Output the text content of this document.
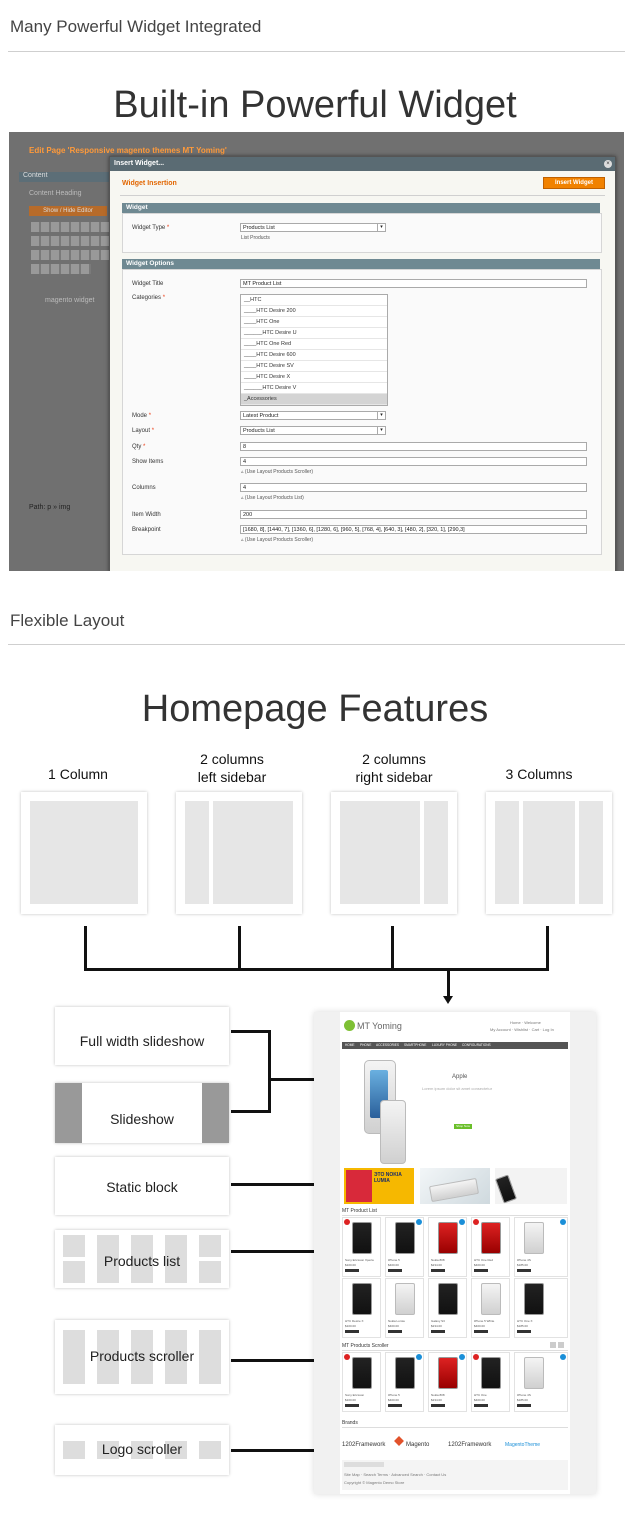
Many Powerful Widget Integrated
Built-in Powerful Widget
Edit Page 'Responsive magento themes MT Yoming'
Content
Content Heading
Show / Hide Editor
magento widget
Path: p » img
Insert Widget...	×
Widget Insertion	Insert Widget
Widget
Widget Type *	Products List ▾
List Products
Widget Options
Widget Title	MT Product List
Categories *	__HTC
____HTC Desire 200
____HTC One
______HTC Desire U
____HTC One Red
____HTC Desire 600
____HTC Desire SV
____HTC Desire X
______HTC Desire V
_Accessories
Mode *	Latest Product ▾
Layout *	Products List ▾
Qty *	8
Show Items	4
▵ (Use Layout Products Scroller)
Columns	4
▵ (Use Layout Products List)
Item Width	200
Breakpoint	[1680, 8], [1440, 7], [1360, 6], [1280, 6], [960, 5], [768, 4], [640, 3], [480, 2], [320, 1], [290,3]
▵ (Use Layout Products Scroller)
Flexible Layout
Homepage Features
1 Column
2 columns
left sidebar
2 columns
right sidebar	3 Columns
Full width slideshow
Slideshow
Static block
Products list
Products scroller
Logo scroller
MT Yoming	Home · Welcome
My Account · Wishlist · Cart · Log In
HOME PHONE ACCESSORIES SMARTPHONE LUXURY PHONE CONFIGURATIONS
Apple
Lorem ipsum dolor sit amet consectetur
Shop Now
ЭТО NOKIA LUMIA
MT Product List
Sony Ericsson Xperia
$100.00
iPhone 5
$400.00
Nokia 808
$234.00
HTC One Red
$400.00
iPhone 4S
$185.00
HTC Desire X
$100.00
Nokia Lumia
$400.00
Galaxy S3
$234.00
iPhone 5 White
$400.00
HTC One X
$185.00
MT Products Scroller
Sony Ericsson
$100.00
iPhone 5
$400.00
Nokia 808
$234.00
HTC One
$400.00
iPhone 4S
$185.00
Brands
1202Framework	Magento	1202Framework	MagentoTheme
Site Map · Search Terms · Advanced Search · Contact Us
Copyright © Magento Demo Store
